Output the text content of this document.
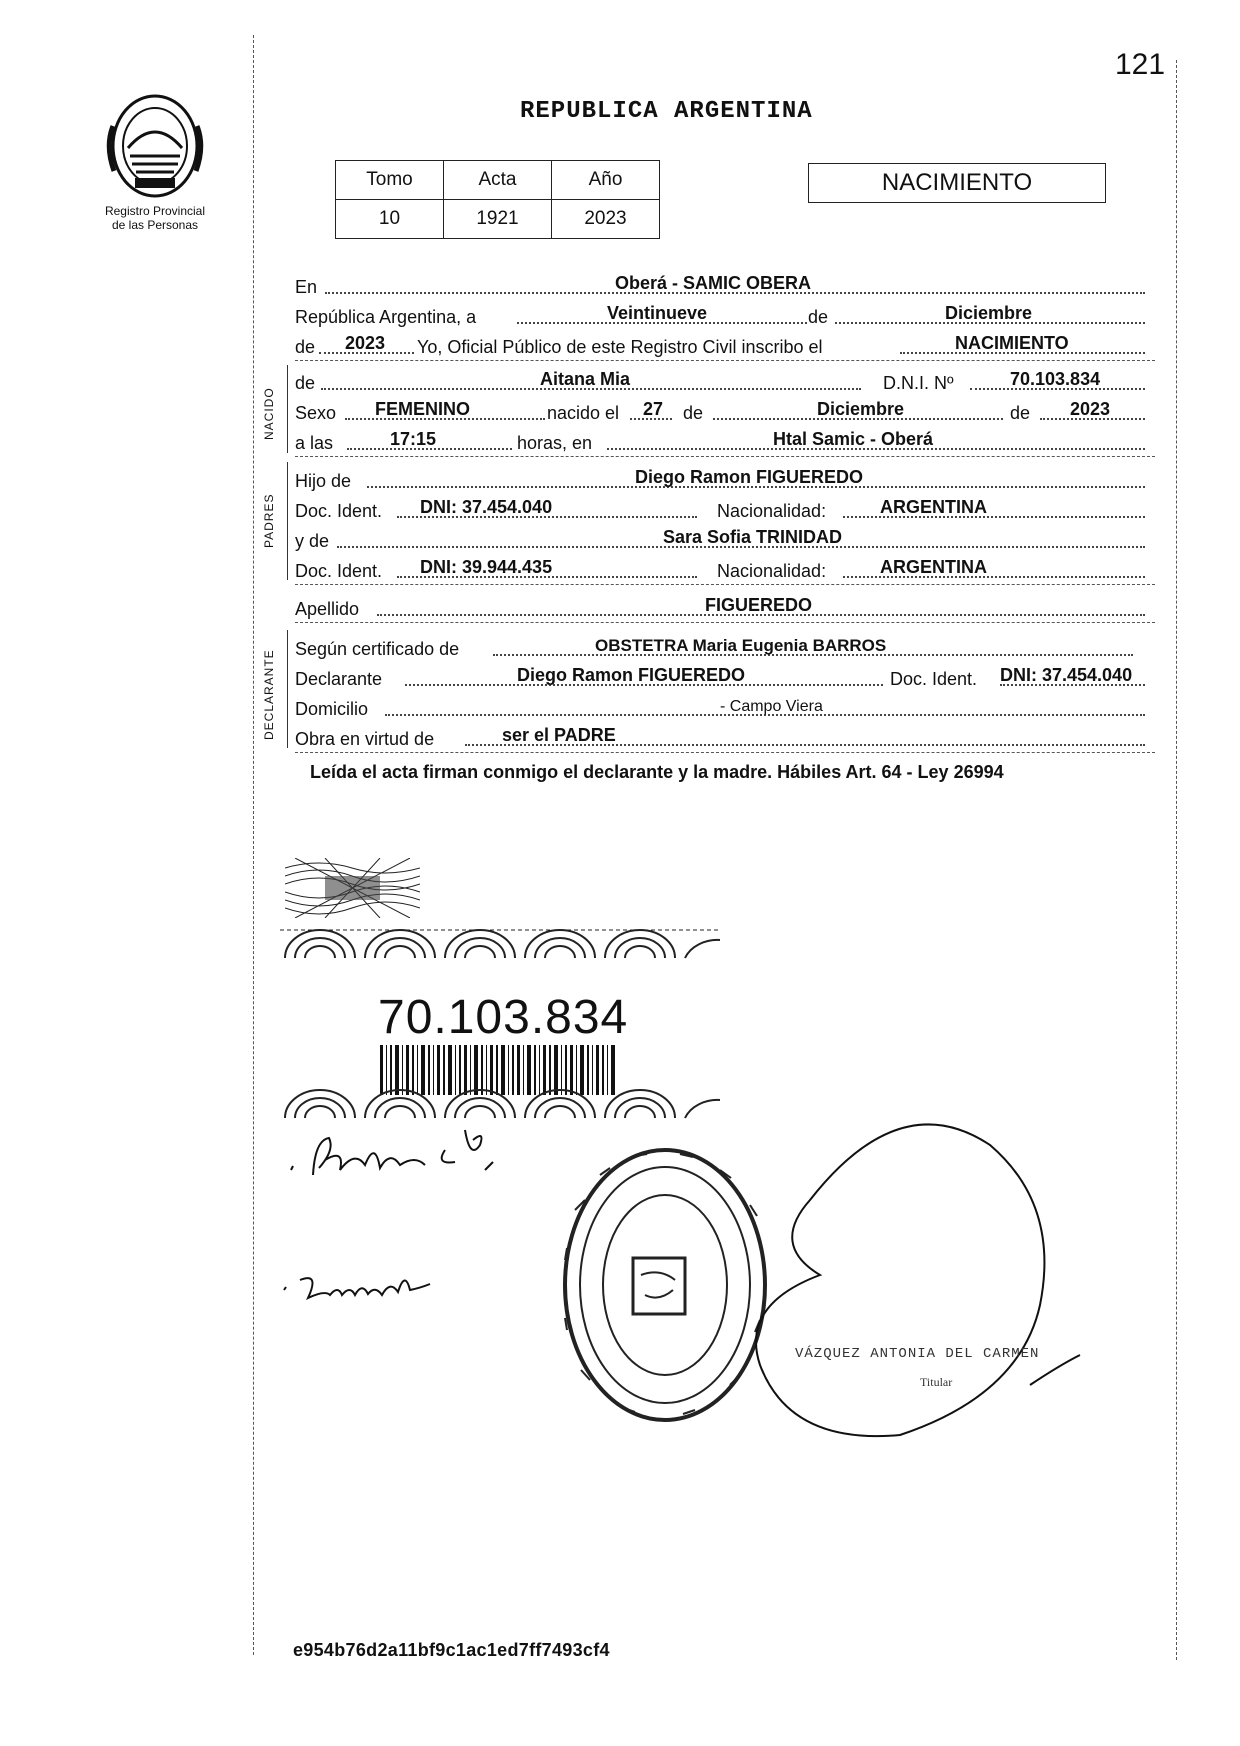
Registro Provincial
de las Personas
121
REPUBLICA ARGENTINA
Tomo	Acta	Año
10	1921	2023
NACIMIENTO
En	Oberá - SAMIC OBERA
República Argentina, a	Veintinueve	de	Diciembre
de 2023 Yo, Oficial Público de este Registro Civil inscribo el	NACIMIENTO
NACIDO
de	Aitana Mia	D.N.I. Nº	70.103.834
Sexo FEMENINO	nacido el 27 de	Diciembre	de 2023
a las	17:15	horas, en	Htal Samic - Oberá
PADRES
Hijo de	Diego Ramon FIGUEREDO
Doc. Ident. DNI: 37.454.040	Nacionalidad:	ARGENTINA
y de	Sara Sofia TRINIDAD
Doc. Ident. DNI: 39.944.435	Nacionalidad:	ARGENTINA
Apellido	FIGUEREDO
DECLARANTE
Según certificado de	OBSTETRA Maria Eugenia BARROS
Declarante	Diego Ramon FIGUEREDO	Doc. Ident. DNI: 37.454.040
Domicilio	- Campo Viera
Obra en virtud de	ser el PADRE
Leída el acta firman conmigo el declarante y la madre. Hábiles Art. 64 - Ley 26994
70.103.834
VÁZQUEZ ANTONIA DEL CARMEN
Titular
e954b76d2a11bf9c1ac1ed7ff7493cf4
